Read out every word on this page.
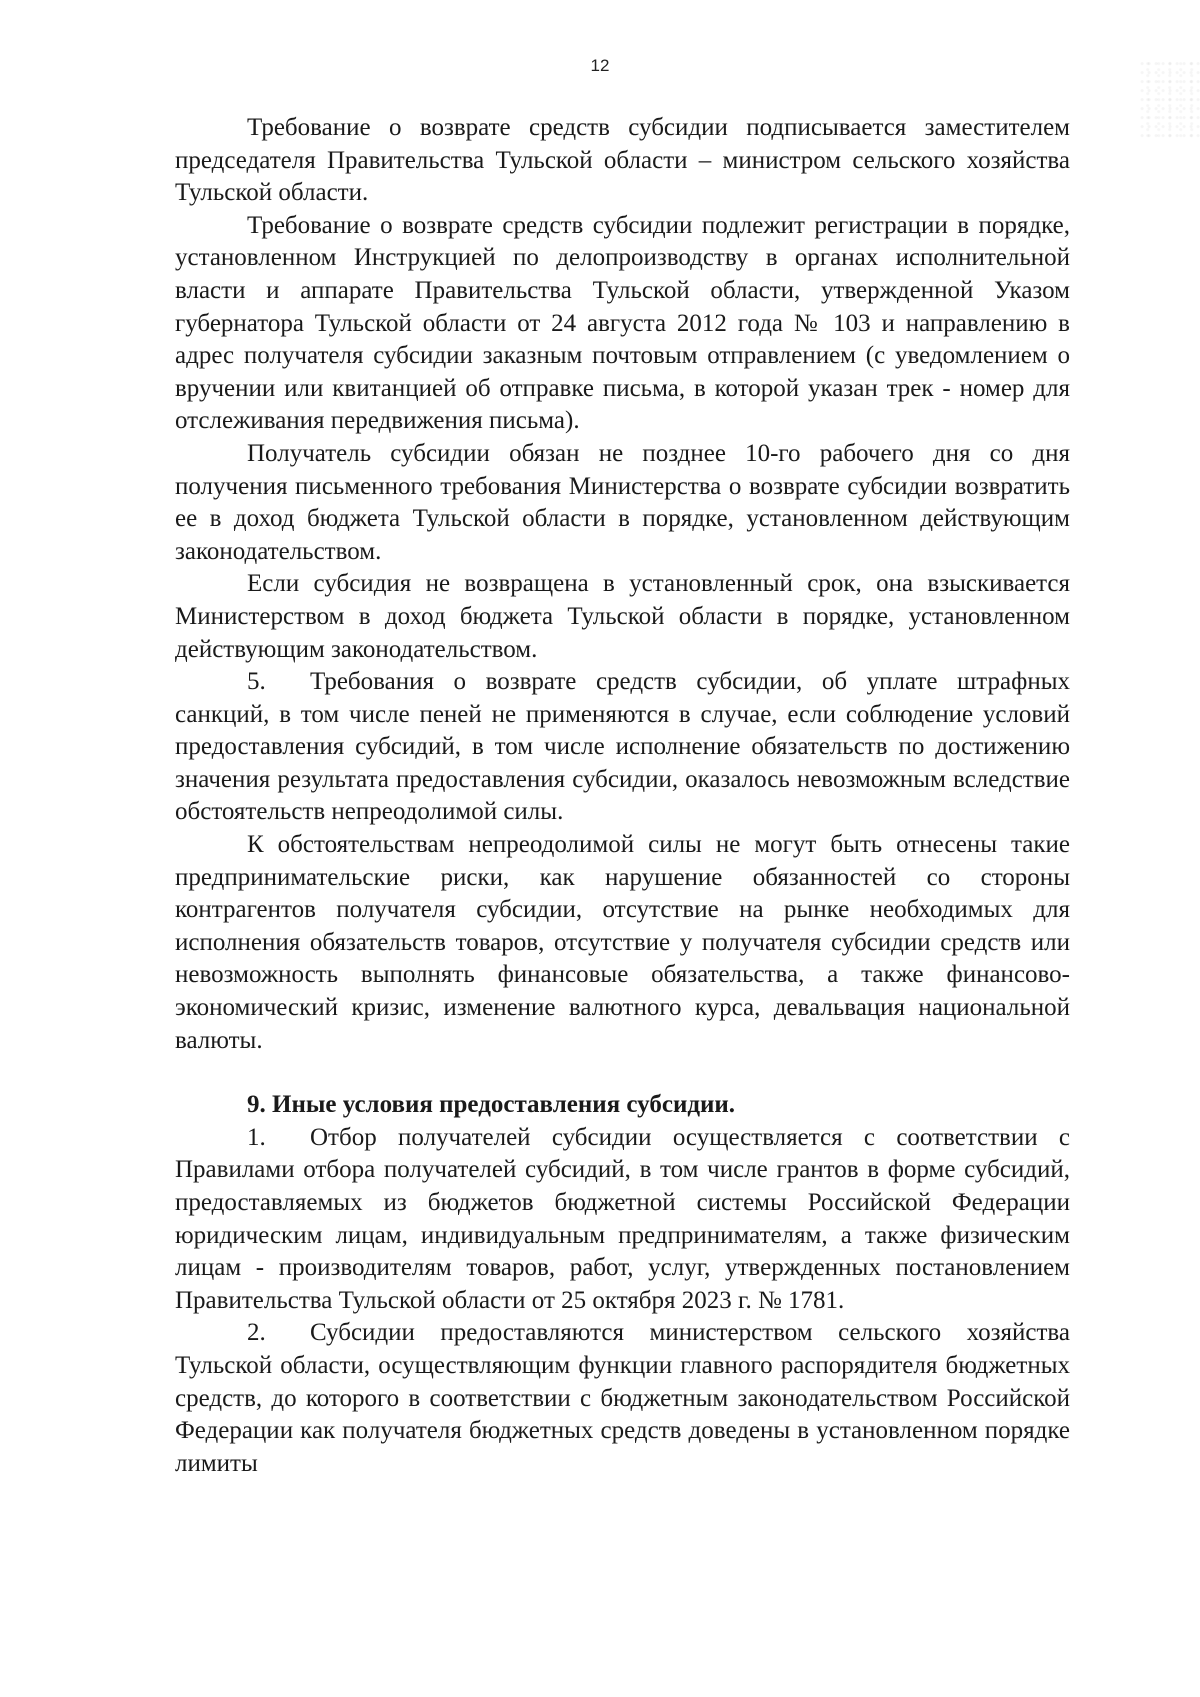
12

Требование о возврате средств субсидии подписывается заместителем председателя Правительства Тульской области – министром сельского хозяйства Тульской области.

Требование о возврате средств субсидии подлежит регистрации в порядке, установленном Инструкцией по делопроизводству в органах исполнительной власти и аппарате Правительства Тульской области, утвержденной Указом губернатора Тульской области от 24 августа 2012 года № 103 и направлению в адрес получателя субсидии заказным почтовым отправлением (с уведомлением о вручении или квитанцией об отправке письма, в которой указан трек - номер для отслеживания передвижения письма).

Получатель субсидии обязан не позднее 10-го рабочего дня со дня получения письменного требования Министерства о возврате субсидии возвратить ее в доход бюджета Тульской области в порядке, установленном действующим законодательством.

Если субсидия не возвращена в установленный срок, она взыскивается Министерством в доход бюджета Тульской области в порядке, установленном действующим законодательством.

5. Требования о возврате средств субсидии, об уплате штрафных санкций, в том числе пеней не применяются в случае, если соблюдение условий предоставления субсидий, в том числе исполнение обязательств по достижению значения результата предоставления субсидии, оказалось невозможным вследствие обстоятельств непреодолимой силы.

К обстоятельствам непреодолимой силы не могут быть отнесены такие предпринимательские риски, как нарушение обязанностей со стороны контрагентов получателя субсидии, отсутствие на рынке необходимых для исполнения обязательств товаров, отсутствие у получателя субсидии средств или невозможность выполнять финансовые обязательства, а также финансово-экономический кризис, изменение валютного курса, девальвация национальной валюты.

9. Иные условия предоставления субсидии.

1. Отбор получателей субсидии осуществляется с соответствии с Правилами отбора получателей субсидий, в том числе грантов в форме субсидий, предоставляемых из бюджетов бюджетной системы Российской Федерации юридическим лицам, индивидуальным предпринимателям, а также физическим лицам - производителям товаров, работ, услуг, утвержденных постановлением Правительства Тульской области от 25 октября 2023 г. № 1781.

2. Субсидии предоставляются министерством сельского хозяйства Тульской области, осуществляющим функции главного распорядителя бюджетных средств, до которого в соответствии с бюджетным законодательством Российской Федерации как получателя бюджетных средств доведены в установленном порядке лимиты
